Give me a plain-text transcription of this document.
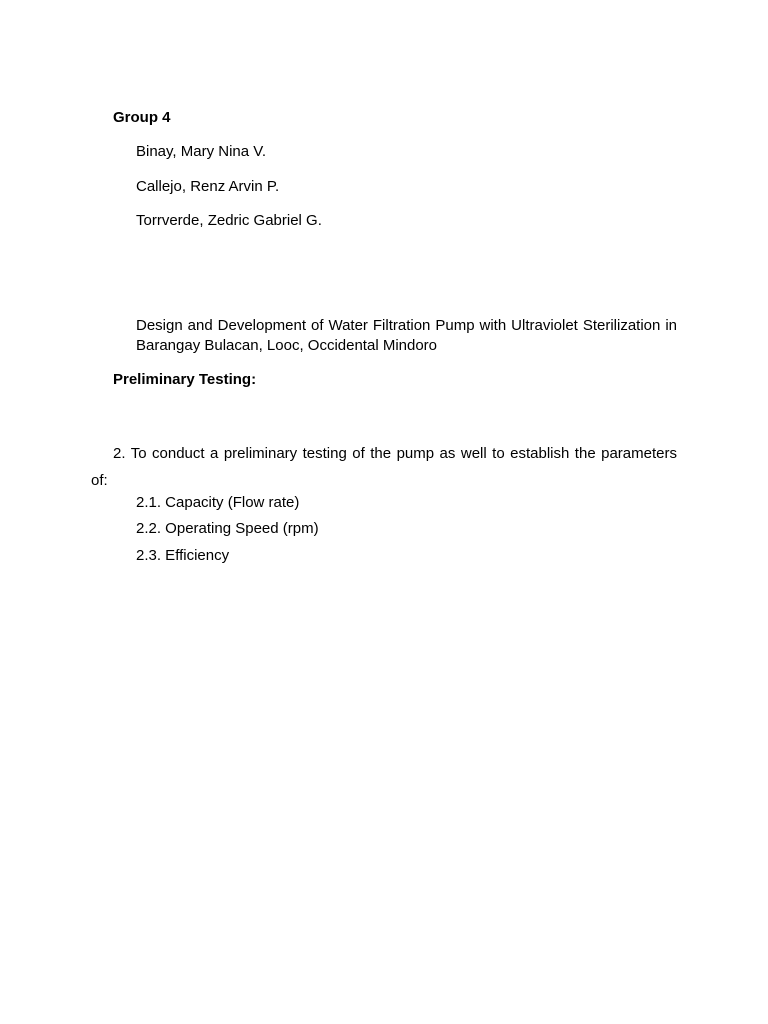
Group 4
Binay, Mary Nina V.
Callejo, Renz Arvin P.
Torrverde, Zedric Gabriel G.
Design and Development of Water Filtration Pump with Ultraviolet Sterilization in Barangay Bulacan, Looc, Occidental Mindoro
Preliminary Testing:
2. To conduct a preliminary testing of the pump as well to establish the parameters of:
2.1. Capacity (Flow rate)
2.2. Operating Speed (rpm)
2.3. Efficiency
